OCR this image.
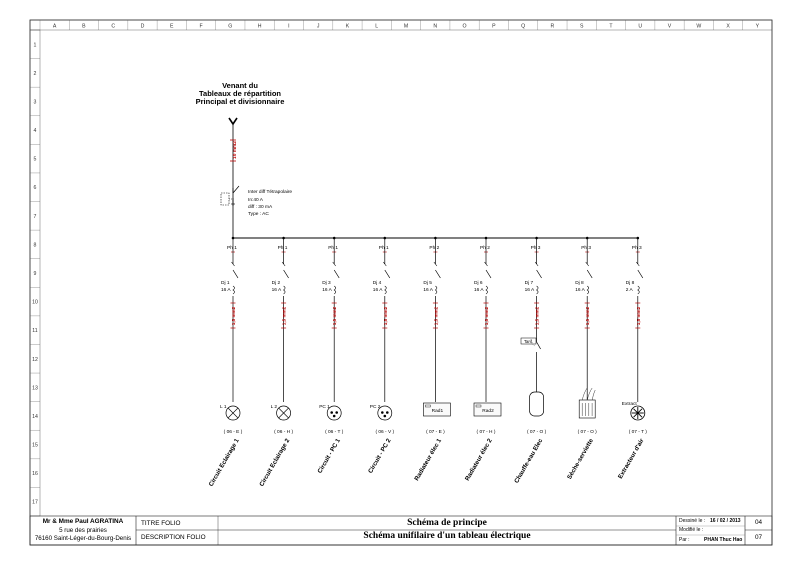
A	B	C	D	E	F	G	H	I	J	K	L	M	N	O	P	Q	R	S	T	U	V	W	X	Y
1
2
3
4
5
6
7
8
9
10
11
12
13
14
15
16
17
Venant du
Tableaux de répartition
Principal et divisionnaire
10 mm2
Inter diff Tétrapolaire
In:40 A
diff : 30 mA
Type : AC
Ph 1
Dj 1
16 A
1,5 mm2
L 1
( 06 - E )
Circuit Eclairage 1
Ph 1
Dj 2
16 A
1,5 mm2
L 2
( 06 - H )
Circuit Eclairage 2
Ph 1
Dj 3
16 A
1,5 mm2
PC 1
( 06 - T )
Circuit - PC 1
Ph 1
Dj 4
16 A
1,5 mm2
PC 2
( 06 - V )
Circuit - PC 2
Ph 2
Dj 5
16 A
1,5 mm2
Rad1
( 07 - E )
Radiateur élec 1
Ph 2
Dj 6
16 A
1,5 mm2
Rad2
( 07 - H )
Radiateur élec 2
Ph 3
Dj 7
16 A
1,5 mm2
( 07 - O )
Chauffe-eau Elec
Ph 3
Dj 8
16 A
1,5 mm2
( 07 - O )
Sèche-serviette
Ph 3
Dj 8
2 A
1,5 mm2
Extract
( 07 - T )
Extracteur d'air
Tarif.
Mr & Mme Paul AGRATINA
5 rue des prairies
76160 Saint-Léger-du-Bourg-Denis
TITRE FOLIO	Schéma de principe
DESCRIPTION FOLIO	Schéma unifilaire d'un tableau électrique
Dessiné le : 16 / 02 / 2013
Modifié le :
Par :	PHAN Thuc Hao
04
07
